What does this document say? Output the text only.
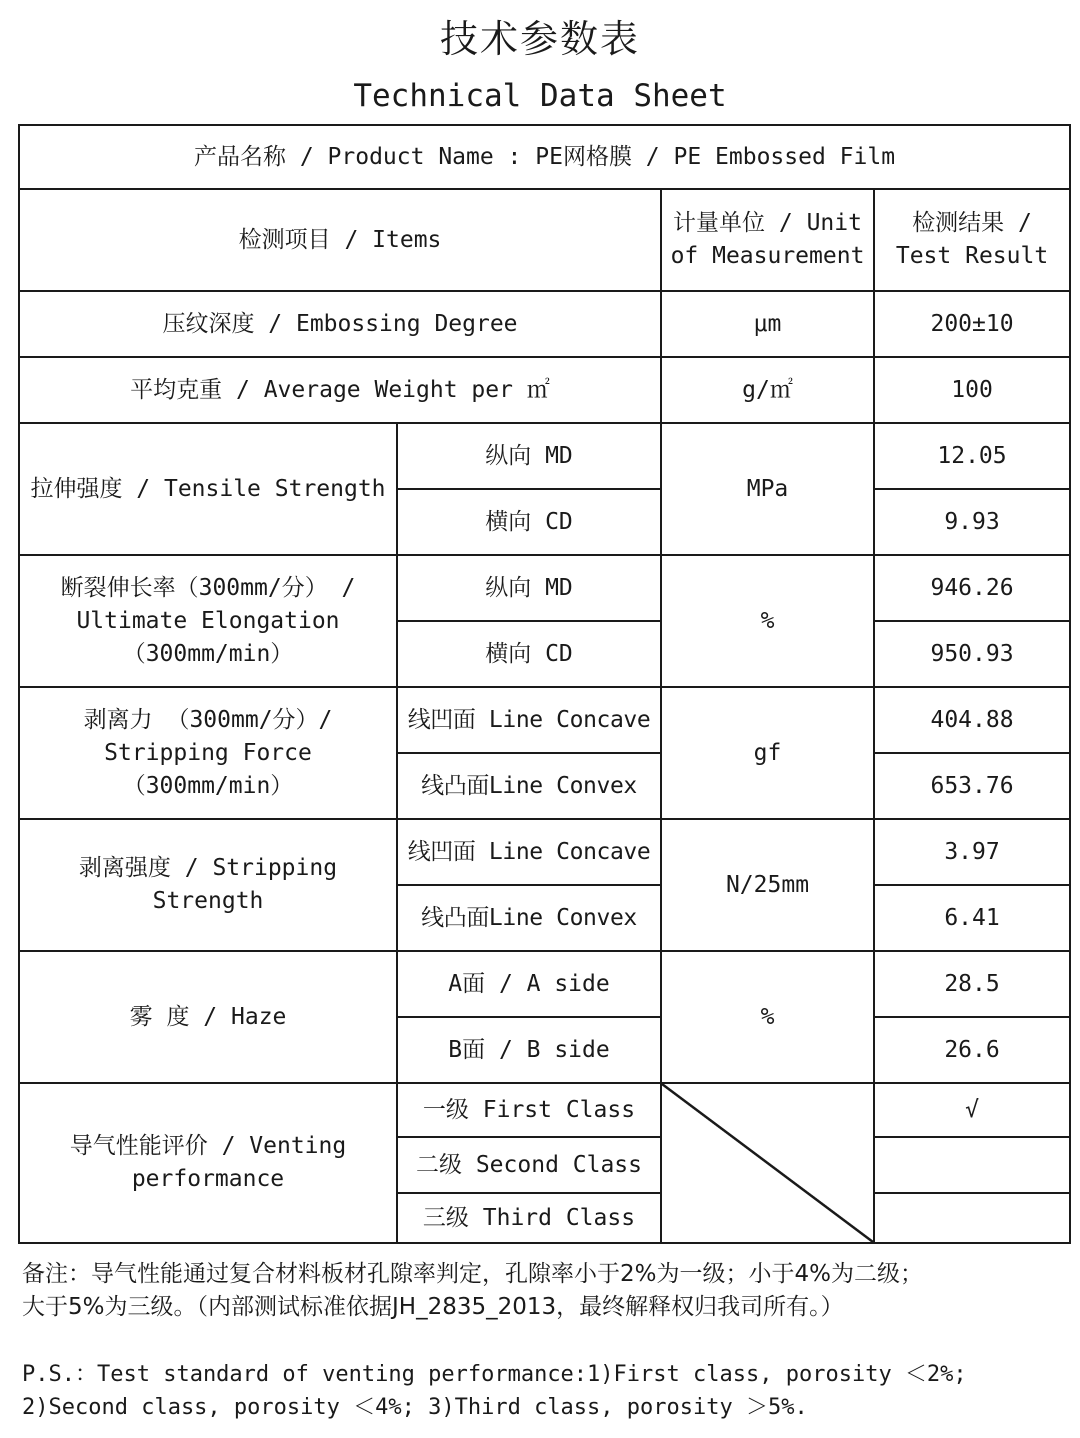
技术参数表
Technical Data Sheet
产品名称 / Product Name : PE网格膜 / PE Embossed Film			
检测项目 / Items		计量单位 / Unit of Measurement	检测结果 / Test Result
压纹深度 / Embossing Degree		μm	200±10
平均克重 / Average Weight per ㎡		g/㎡	100
拉伸强度 / Tensile Strength	纵向 MD	MPa	12.05
	横向 CD		9.93
断裂伸长率（300mm/分） / Ultimate Elongation （300mm/min）	纵向 MD	%	946.26
	横向 CD		950.93
剥离力 （300mm/分）/ Stripping Force （300mm/min）	线凹面 Line Concave	gf	404.88
	线凸面Line Convex		653.76
剥离强度 / Stripping Strength	线凹面 Line Concave	N/25mm	3.97
	线凸面Line Convex		6.41
雾 度 / Haze	A面 / A side	%	28.5
	B面 / B side		26.6
导气性能评价 / Venting performance	一级 First Class		√
	二级 Second Class		
	三级 Third Class		
备注：导气性能通过复合材料板材孔隙率判定，孔隙率小于2%为一级；小于4%为二级；
大于5%为三级。（内部测试标准依据JH_2835_2013，最终解释权归我司所有。）
P.S.：Test standard of venting performance:1)First class, porosity ＜2%;
2)Second class, porosity ＜4%; 3)Third class, porosity ＞5%.
